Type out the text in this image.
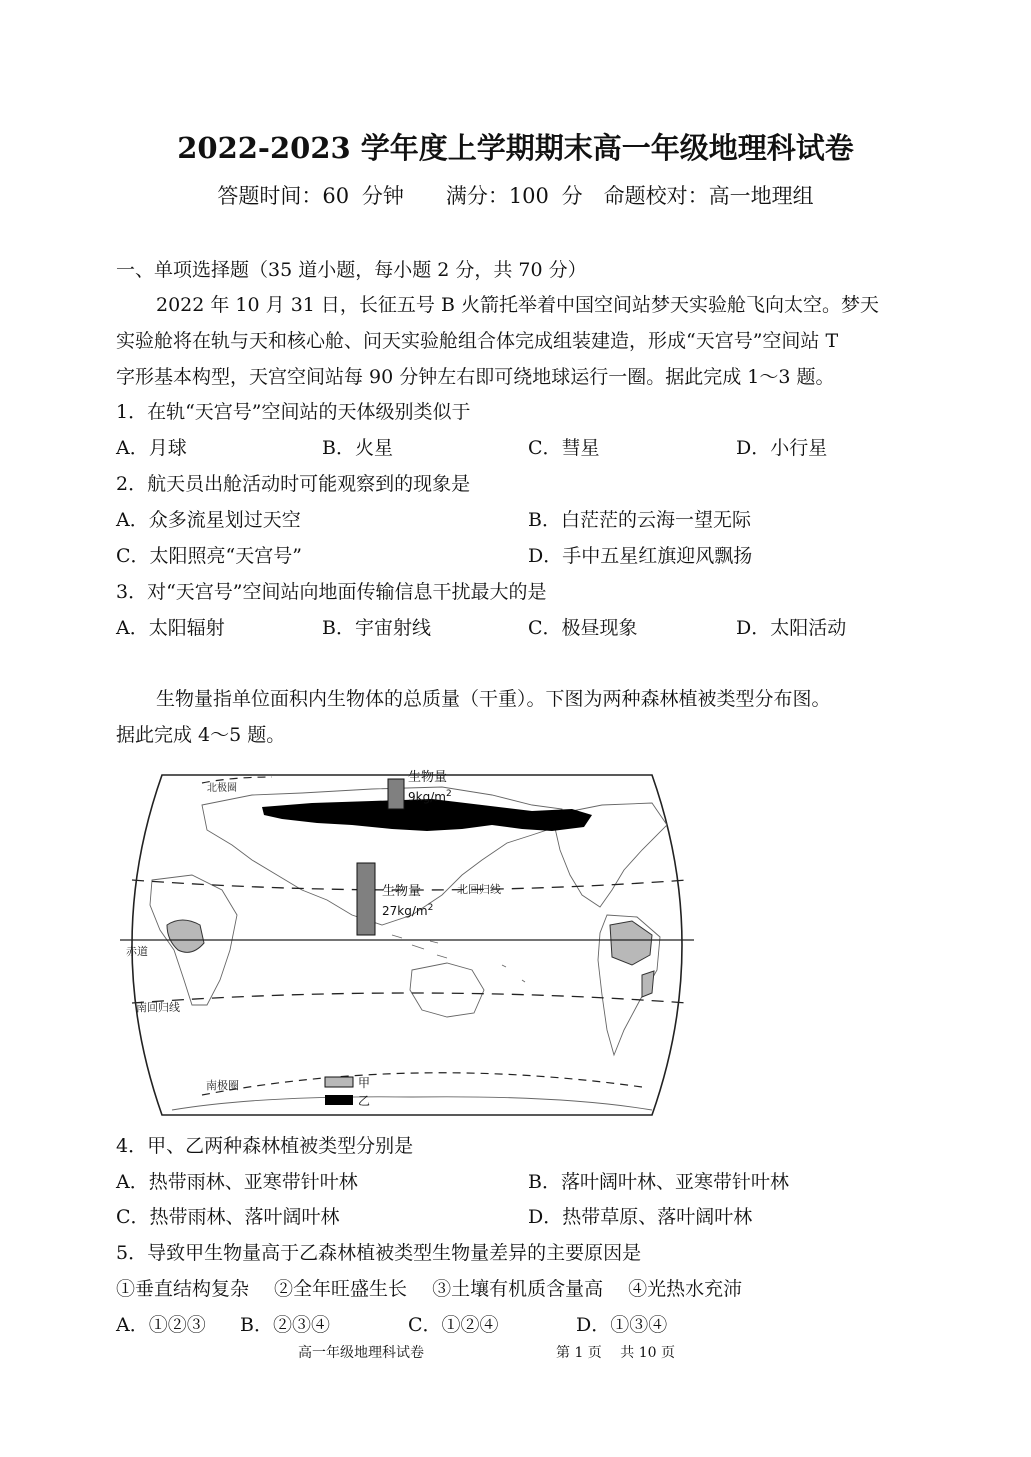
2022-2023 学年度上学期期末高一年级地理科试卷
答题时间：60 分钟　　满分：100 分　命题校对：高一地理组
一、单项选择题（35 道小题，每小题 2 分，共 70 分）
2022 年 10 月 31 日，长征五号 B 火箭托举着中国空间站梦天实验舱飞向太空。梦天
实验舱将在轨与天和核心舱、问天实验舱组合体完成组装建造，形成“天宫号”空间站 T
字形基本构型，天宫空间站每 90 分钟左右即可绕地球运行一圈。据此完成 1～3 题。
1．在轨“天宫号”空间站的天体级别类似于
A．月球	B．火星	C．彗星	D．小行星
2．航天员出舱活动时可能观察到的现象是
A．众多流星划过天空	B．白茫茫的云海一望无际
C．太阳照亮“天宫号”	D．手中五星红旗迎风飘扬
3．对“天宫号”空间站向地面传输信息干扰最大的是
A．太阳辐射	B．宇宙射线	C．极昼现象	D．太阳活动
生物量指单位面积内生物体的总质量（干重）。下图为两种森林植被类型分布图。
据此完成 4～5 题。
北极圈
北回归线
赤道
南回归线
南极圈
生物量
$9kg/m^2$
生物量
$27kg/m^2$
甲
乙
4．甲、乙两种森林植被类型分别是
A．热带雨林、亚寒带针叶林	B．落叶阔叶林、亚寒带针叶林
C．热带雨林、落叶阔叶林	D．热带草原、落叶阔叶林
5．导致甲生物量高于乙森林植被类型生物量差异的主要原因是
①垂直结构复杂　 ②全年旺盛生长　 ③土壤有机质含量高　 ④光热水充沛
A．①②③ B．②③④	C．①②④	D．①③④
高一年级地理科试卷	第 1 页　 共 10 页
